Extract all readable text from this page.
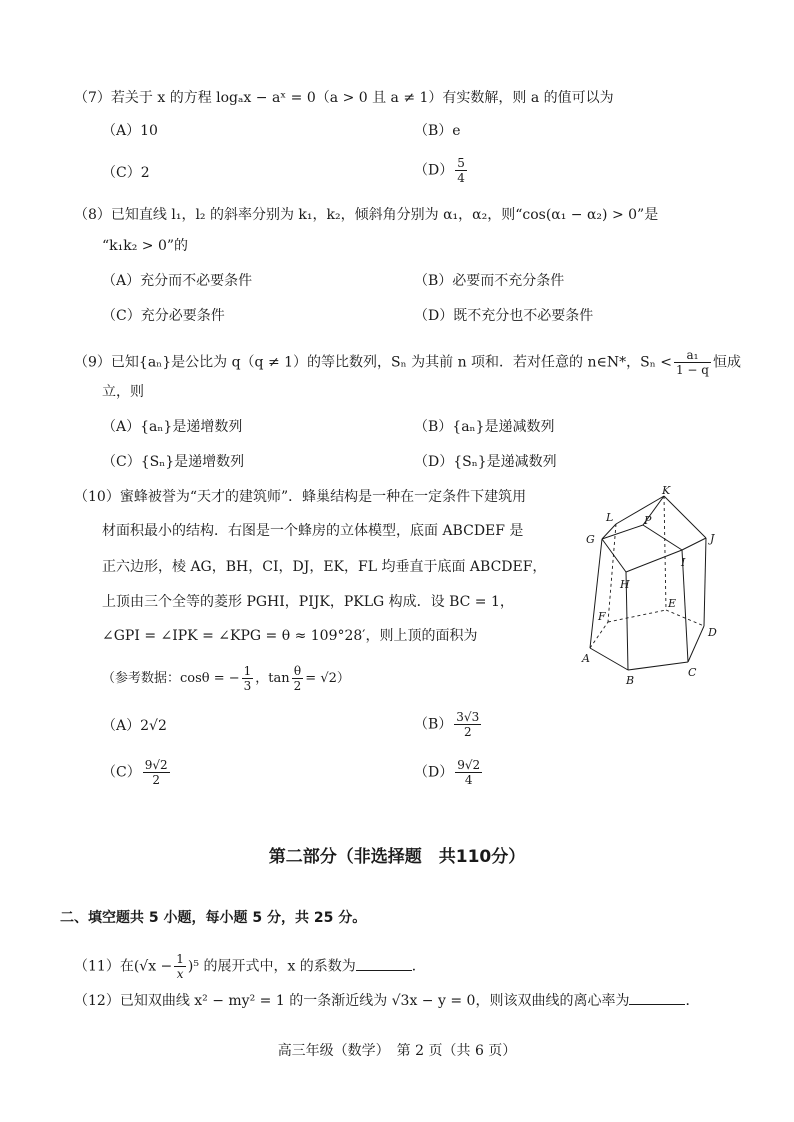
（7）若关于 x 的方程 logₐx − aˣ = 0（a > 0 且 a ≠ 1）有实数解，则 a 的值可以为
（A）10	（B）e
（C）2	$(D) \frac{5}{4}$
（8）已知直线 l₁，l₂ 的斜率分别为 k₁，k₂，倾斜角分别为 α₁，α₂，则“cos(α₁ − α₂) > 0”是
“k₁k₂ > 0”的
（A）充分而不必要条件	（B）必要而不充分条件
（C）充分必要条件	（D）既不充分也不必要条件
（9）已知{aₙ}是公比为 q（q ≠ 1）的等比数列，Sₙ 为其前 n 项和．若对任意的 n∈N*，$S_n < \frac{\text{a₁}}{1 - q}$ 恒成
立，则
（A）{aₙ}是递增数列	（B）{aₙ}是递减数列
（C）{Sₙ}是递增数列	（D）{Sₙ}是递减数列
（10）蜜蜂被誉为“天才的建筑师”．蜂巢结构是一种在一定条件下建筑用
材面积最小的结构．右图是一个蜂房的立体模型，底面 ABCDEF 是
正六边形，棱 AG，BH，CI，DJ，EK，FL 均垂直于底面 ABCDEF，
上顶由三个全等的菱形 PGHI，PIJK，PKLG 构成．设 BC = 1，
∠GPI = ∠IPK = ∠KPG = θ ≈ 109°28′，则上顶的面积为
（参考数据：cosθ = − $\frac{1}{3}$ ，$\tan \frac{\theta}{2} = √2$）
（A）2√2	$(B) \frac{3√3}{2}$
$(C) \frac{9√2}{2}$	$(D) \frac{9√2}{4}$
K
L	P
G	J
H
I
F
E
D
A
B
C
第二部分（非选择题　共110分）
二、填空题共 5 小题，每小题 5 分，共 25 分。
（11）在$(√x - \frac{1}{x} )^5$ 的展开式中，x 的系数为	．
（12）已知双曲线 x² − my² = 1 的一条渐近线为 √3x − y = 0，则该双曲线的离心率为	．
高三年级（数学）　第 2 页（共 6 页）
